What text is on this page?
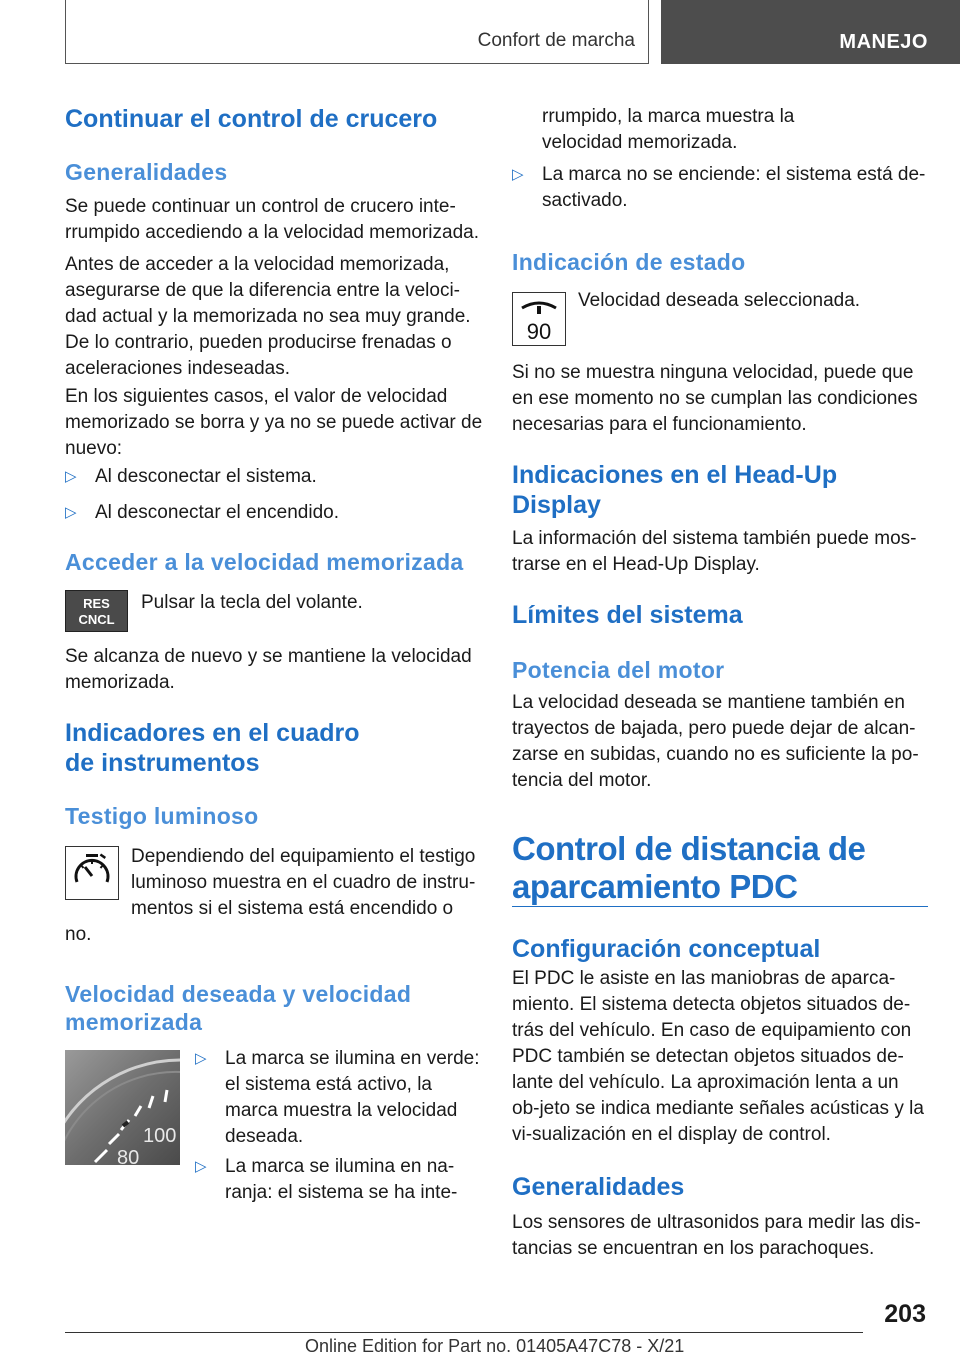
Confort de marcha	MANEJO
Continuar el control de crucero
Generalidades
Se puede continuar un control de crucero inte-rrumpido accediendo a la velocidad memorizada.
Antes de acceder a la velocidad memorizada, asegurarse de que la diferencia entre la veloci-dad actual y la memorizada no sea muy grande. De lo contrario, pueden producirse frenadas o aceleraciones indeseadas.
En los siguientes casos, el valor de velocidad memorizado se borra y ya no se puede activar de nuevo:
▷ Al desconectar el sistema.
▷ Al desconectar el encendido.
Acceder a la velocidad memorizada
RES
CNCL
Pulsar la tecla del volante.
Se alcanza de nuevo y se mantiene la velocidad memorizada.
Indicadores en el cuadro
de instrumentos
Testigo luminoso
Dependiendo del equipamiento el testigo luminoso muestra en el cuadro de instru-mentos si el sistema está encendido o
no.
Velocidad deseada y velocidad memorizada
100
80
▷ La marca se ilumina en verde: el sistema está activo, la marca muestra la velocidad deseada.
▷ La marca se ilumina en na-ranja: el sistema se ha inte-
rrumpido, la marca muestra la velocidad memorizada.
▷ La marca no se enciende: el sistema está de-sactivado.
Indicación de estado
90
Velocidad deseada seleccionada.
Si no se muestra ninguna velocidad, puede que en ese momento no se cumplan las condiciones necesarias para el funcionamiento.
Indicaciones en el Head-Up Display
La información del sistema también puede mos-trarse en el Head-Up Display.
Límites del sistema
Potencia del motor
La velocidad deseada se mantiene también en trayectos de bajada, pero puede dejar de alcan-zarse en subidas, cuando no es suficiente la po-tencia del motor.
Control de distancia de aparcamiento PDC
Configuración conceptual
El PDC le asiste en las maniobras de aparca-miento. El sistema detecta objetos situados de-trás del vehículo. En caso de equipamiento con PDC también se detectan objetos situados de-lante del vehículo. La aproximación lenta a un ob-jeto se indica mediante señales acústicas y la vi-sualización en el display de control.
Generalidades
Los sensores de ultrasonidos para medir las dis-tancias se encuentran en los parachoques.
203
Online Edition for Part no. 01405A47C78 - X/21
